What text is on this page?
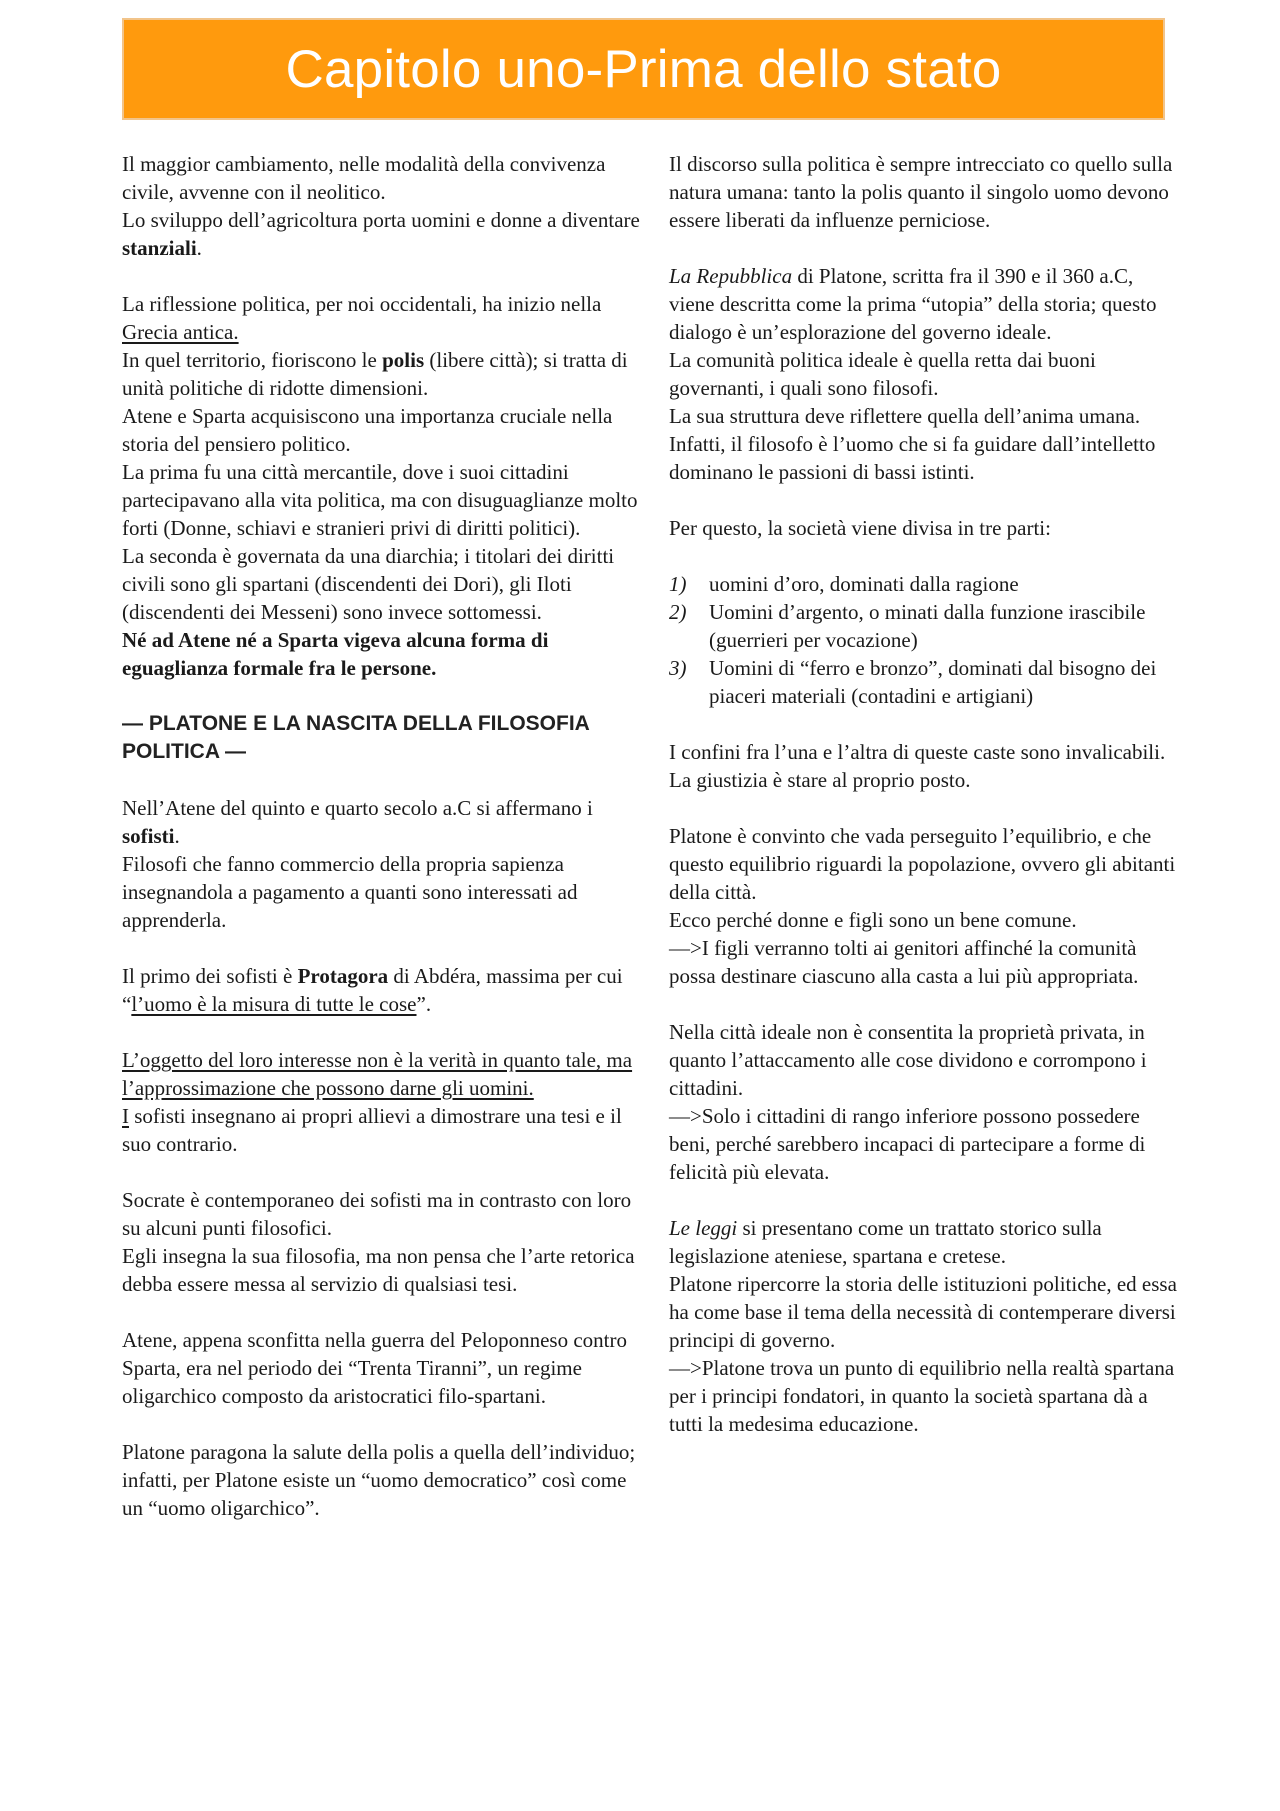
Capitolo uno-Prima dello stato

Il maggior cambiamento, nelle modalità della convivenza civile, avvenne con il neolitico.
Lo sviluppo dell’agricoltura porta uomini e donne a diventare stanziali.

La riflessione politica, per noi occidentali, ha inizio nella Grecia antica.
In quel territorio, fioriscono le polis (libere città); si tratta di unità politiche di ridotte dimensioni.
Atene e Sparta acquisiscono una importanza cruciale nella storia del pensiero politico.
La prima fu una città mercantile, dove i suoi cittadini partecipavano alla vita politica, ma con disuguaglianze molto forti (Donne, schiavi e stranieri privi di diritti politici).
La seconda è governata da una diarchia; i titolari dei diritti civili sono gli spartani (discendenti dei Dori), gli Iloti (discendenti dei Messeni) sono invece sottomessi.
Né ad Atene né a Sparta vigeva alcuna forma di eguaglianza formale fra le persone.

— PLATONE E LA NASCITA DELLA FILOSOFIA POLITICA —

Nell’Atene del quinto e quarto secolo a.C si affermano i sofisti.
Filosofi che fanno commercio della propria sapienza insegnandola a pagamento a quanti sono interessati ad apprenderla.

Il primo dei sofisti è Protagora di Abdéra, massima per cui “l’uomo è la misura di tutte le cose”.

L’oggetto del loro interesse non è la verità in quanto tale, ma l’approssimazione che possono darne gli uomini.
I sofisti insegnano ai propri allievi a dimostrare una tesi e il suo contrario.

Socrate è contemporaneo dei sofisti ma in contrasto con loro su alcuni punti filosofici.
Egli insegna la sua filosofia, ma non pensa che l’arte retorica debba essere messa al servizio di qualsiasi tesi.

Atene, appena sconfitta nella guerra del Peloponneso contro Sparta, era nel periodo dei “Trenta Tiranni”, un regime oligarchico composto da aristocratici filo-spartani.

Platone paragona la salute della polis a quella dell’individuo; infatti, per Platone esiste un “uomo democratico” così come un “uomo oligarchico”.

Il discorso sulla politica è sempre intrecciato co quello sulla natura umana: tanto la polis quanto il singolo uomo devono essere liberati da influenze perniciose.

La Repubblica di Platone, scritta fra il 390 e il 360 a.C, viene descritta come la prima “utopia” della storia; questo dialogo è un’esplorazione del governo ideale.
La comunità politica ideale è quella retta dai buoni governanti, i quali sono filosofi.
La sua struttura deve riflettere quella dell’anima umana.
Infatti, il filosofo è l’uomo che si fa guidare dall’intelletto dominano le passioni di bassi istinti.

Per questo, la società viene divisa in tre parti:

1) uomini d’oro, dominati dalla ragione
2) Uomini d’argento, o minati dalla funzione irascibile (guerrieri per vocazione)
3) Uomini di “ferro e bronzo”, dominati dal bisogno dei piaceri materiali (contadini e artigiani)

I confini fra l’una e l’altra di queste caste sono invalicabili.
La giustizia è stare al proprio posto.

Platone è convinto che vada perseguito l’equilibrio, e che questo equilibrio riguardi la popolazione, ovvero gli abitanti della città.
Ecco perché donne e figli sono un bene comune.
—>I figli verranno tolti ai genitori affinché la comunità possa destinare ciascuno alla casta a lui più appropriata.

Nella città ideale non è consentita la proprietà privata, in quanto l’attaccamento alle cose dividono e corrompono i cittadini.
—>Solo i cittadini di rango inferiore possono possedere beni, perché sarebbero incapaci di partecipare a forme di felicità più elevata.

Le leggi si presentano come un trattato storico sulla legislazione ateniese, spartana e cretese.
Platone ripercorre la storia delle istituzioni politiche, ed essa ha come base il tema della necessità di contemperare diversi principi di governo.
—>Platone trova un punto di equilibrio nella realtà spartana per i principi fondatori, in quanto la società spartana dà a tutti la medesima educazione.
